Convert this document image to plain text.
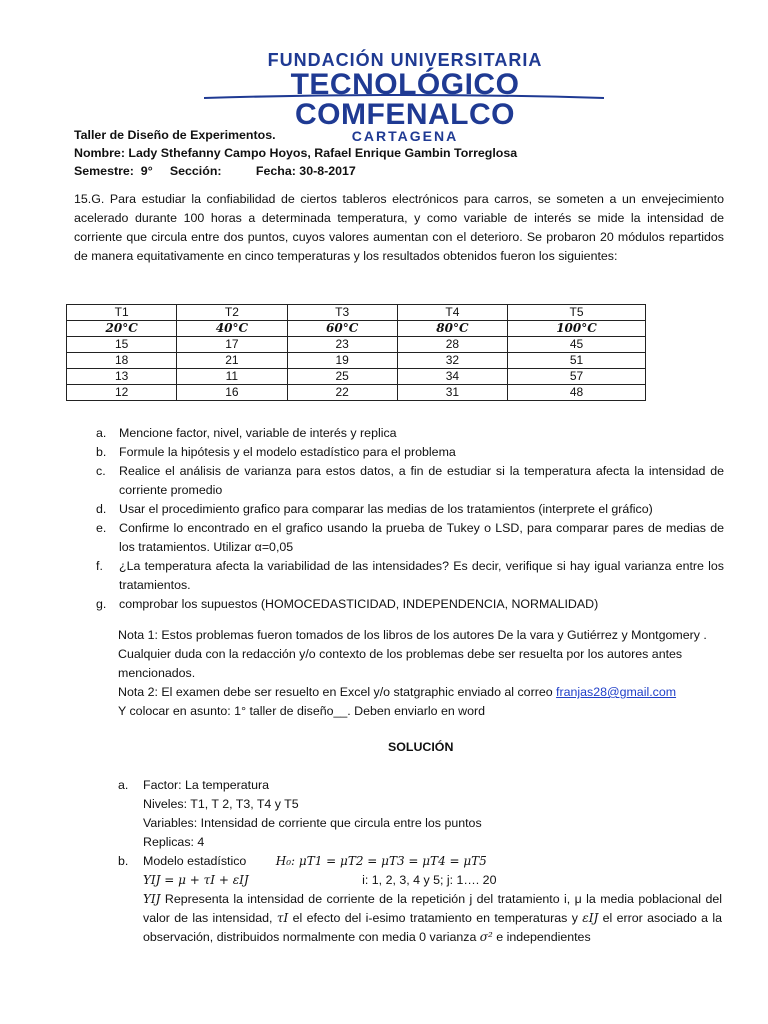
FUNDACIÓN UNIVERSITARIA
TECNOLÓGICO COMFENALCO
CARTAGENA
Taller de Diseño de Experimentos.
Nombre: Lady Sthefanny Campo Hoyos, Rafael Enrique Gambin Torreglosa
Semestre:  9°     Sección:          Fecha: 30-8-2017
15.G. Para estudiar la confiabilidad de ciertos tableros electrónicos para carros, se someten a un envejecimiento acelerado durante 100 horas a determinada temperatura, y como variable de interés se mide la intensidad de corriente que circula entre dos puntos, cuyos valores aumentan con el deterioro. Se probaron 20 módulos repartidos de manera equitativamente en cinco temperaturas y los resultados obtenidos fueron los siguientes:
T1	T2	T3	T4	T5
20°C	40°C	60°C	80°C	100°C
15	17	23	28	45
18	21	19	32	51
13	11	25	34	57
12	16	22	31	48
a.	Mencione factor, nivel, variable de interés y replica
b.	Formule la hipótesis y el modelo estadístico para el problema
c.	Realice el análisis de varianza para estos datos, a fin de estudiar si la temperatura afecta la intensidad de corriente promedio
d.	Usar el procedimiento grafico para comparar las medias de los tratamientos (interprete el gráfico)
e.	Confirme lo encontrado en el grafico usando la prueba de Tukey o LSD, para comparar pares de medias de los tratamientos. Utilizar α=0,05
f.	¿La temperatura afecta la variabilidad de las intensidades? Es decir, verifique si hay igual varianza entre los tratamientos.
g.	comprobar los supuestos (HOMOCEDASTICIDAD, INDEPENDENCIA, NORMALIDAD)
Nota 1: Estos problemas fueron tomados de los libros de los autores De la vara y Gutiérrez y Montgomery . Cualquier duda con la redacción y/o contexto de los problemas debe ser resuelta por los autores antes mencionados.
Nota 2: El examen debe ser resuelto en Excel y/o statgraphic enviado al correo franjas28@gmail.com
Y colocar en asunto: 1° taller de diseño__. Deben enviarlo en word
SOLUCIÓN
a.	Factor: La temperatura
Niveles: T1, T 2, T3, T4 y T5
Variables: Intensidad de corriente que circula entre los puntos
Replicas: 4
b.	Modelo estadístico H₀: μT1 = μT2 = μT3 = μT4 = μT5
YIJ = μ + τI + εIJ	i: 1, 2, 3, 4 y 5; j: 1…. 20
YIJ Representa la intensidad de corriente de la repetición j del tratamiento i, μ la media poblacional del valor de las intensidad, τI el efecto del i-esimo tratamiento en temperaturas y εIJ el error asociado a la observación, distribuidos normalmente con media 0 varianza σ² e independientes
